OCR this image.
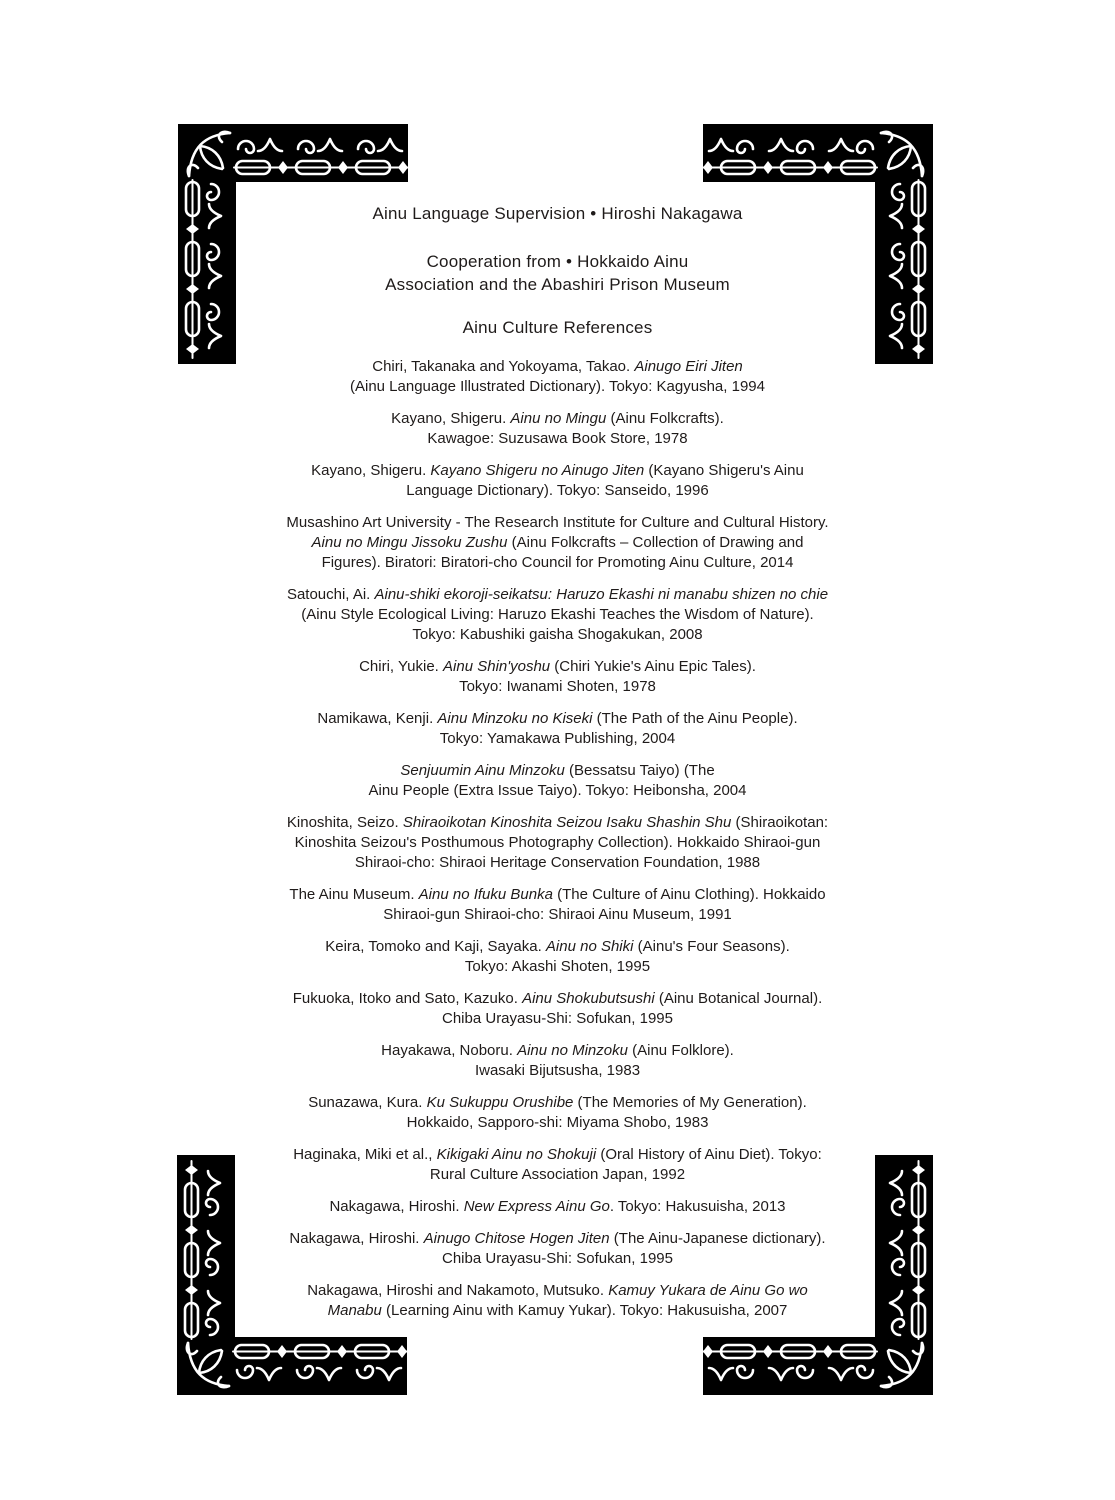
Ainu Language Supervision • Hiroshi Nakagawa
Cooperation from • Hokkaido Ainu
Association and the Abashiri Prison Museum
Ainu Culture References

Chiri, Takanaka and Yokoyama, Takao. Ainugo Eiri Jiten
(Ainu Language Illustrated Dictionary). Tokyo: Kagyusha, 1994

Kayano, Shigeru. Ainu no Mingu (Ainu Folkcrafts).
Kawagoe: Suzusawa Book Store, 1978

Kayano, Shigeru. Kayano Shigeru no Ainugo Jiten (Kayano Shigeru's Ainu
Language Dictionary). Tokyo: Sanseido, 1996

Musashino Art University - The Research Institute for Culture and Cultural History.
Ainu no Mingu Jissoku Zushu (Ainu Folkcrafts – Collection of Drawing and
Figures). Biratori: Biratori-cho Council for Promoting Ainu Culture, 2014

Satouchi, Ai. Ainu-shiki ekoroji-seikatsu: Haruzo Ekashi ni manabu shizen no chie
(Ainu Style Ecological Living: Haruzo Ekashi Teaches the Wisdom of Nature).
Tokyo: Kabushiki gaisha Shogakukan, 2008

Chiri, Yukie. Ainu Shin'yoshu (Chiri Yukie's Ainu Epic Tales).
Tokyo: Iwanami Shoten, 1978

Namikawa, Kenji. Ainu Minzoku no Kiseki (The Path of the Ainu People).
Tokyo: Yamakawa Publishing, 2004

Senjuumin Ainu Minzoku (Bessatsu Taiyo) (The
Ainu People (Extra Issue Taiyo). Tokyo: Heibonsha, 2004

Kinoshita, Seizo. Shiraoikotan Kinoshita Seizou Isaku Shashin Shu (Shiraoikotan:
Kinoshita Seizou's Posthumous Photography Collection). Hokkaido Shiraoi-gun
Shiraoi-cho: Shiraoi Heritage Conservation Foundation, 1988

The Ainu Museum. Ainu no Ifuku Bunka (The Culture of Ainu Clothing). Hokkaido
Shiraoi-gun Shiraoi-cho: Shiraoi Ainu Museum, 1991

Keira, Tomoko and Kaji, Sayaka. Ainu no Shiki (Ainu's Four Seasons).
Tokyo: Akashi Shoten, 1995

Fukuoka, Itoko and Sato, Kazuko. Ainu Shokubutsushi (Ainu Botanical Journal).
Chiba Urayasu-Shi: Sofukan, 1995

Hayakawa, Noboru. Ainu no Minzoku (Ainu Folklore).
Iwasaki Bijutsusha, 1983

Sunazawa, Kura. Ku Sukuppu Orushibe (The Memories of My Generation).
Hokkaido, Sapporo-shi: Miyama Shobo, 1983

Haginaka, Miki et al., Kikigaki Ainu no Shokuji (Oral History of Ainu Diet). Tokyo:
Rural Culture Association Japan, 1992

Nakagawa, Hiroshi. New Express Ainu Go. Tokyo: Hakusuisha, 2013

Nakagawa, Hiroshi. Ainugo Chitose Hogen Jiten (The Ainu-Japanese dictionary).
Chiba Urayasu-Shi: Sofukan, 1995

Nakagawa, Hiroshi and Nakamoto, Mutsuko. Kamuy Yukara de Ainu Go wo
Manabu (Learning Ainu with Kamuy Yukar). Tokyo: Hakusuisha, 2007
